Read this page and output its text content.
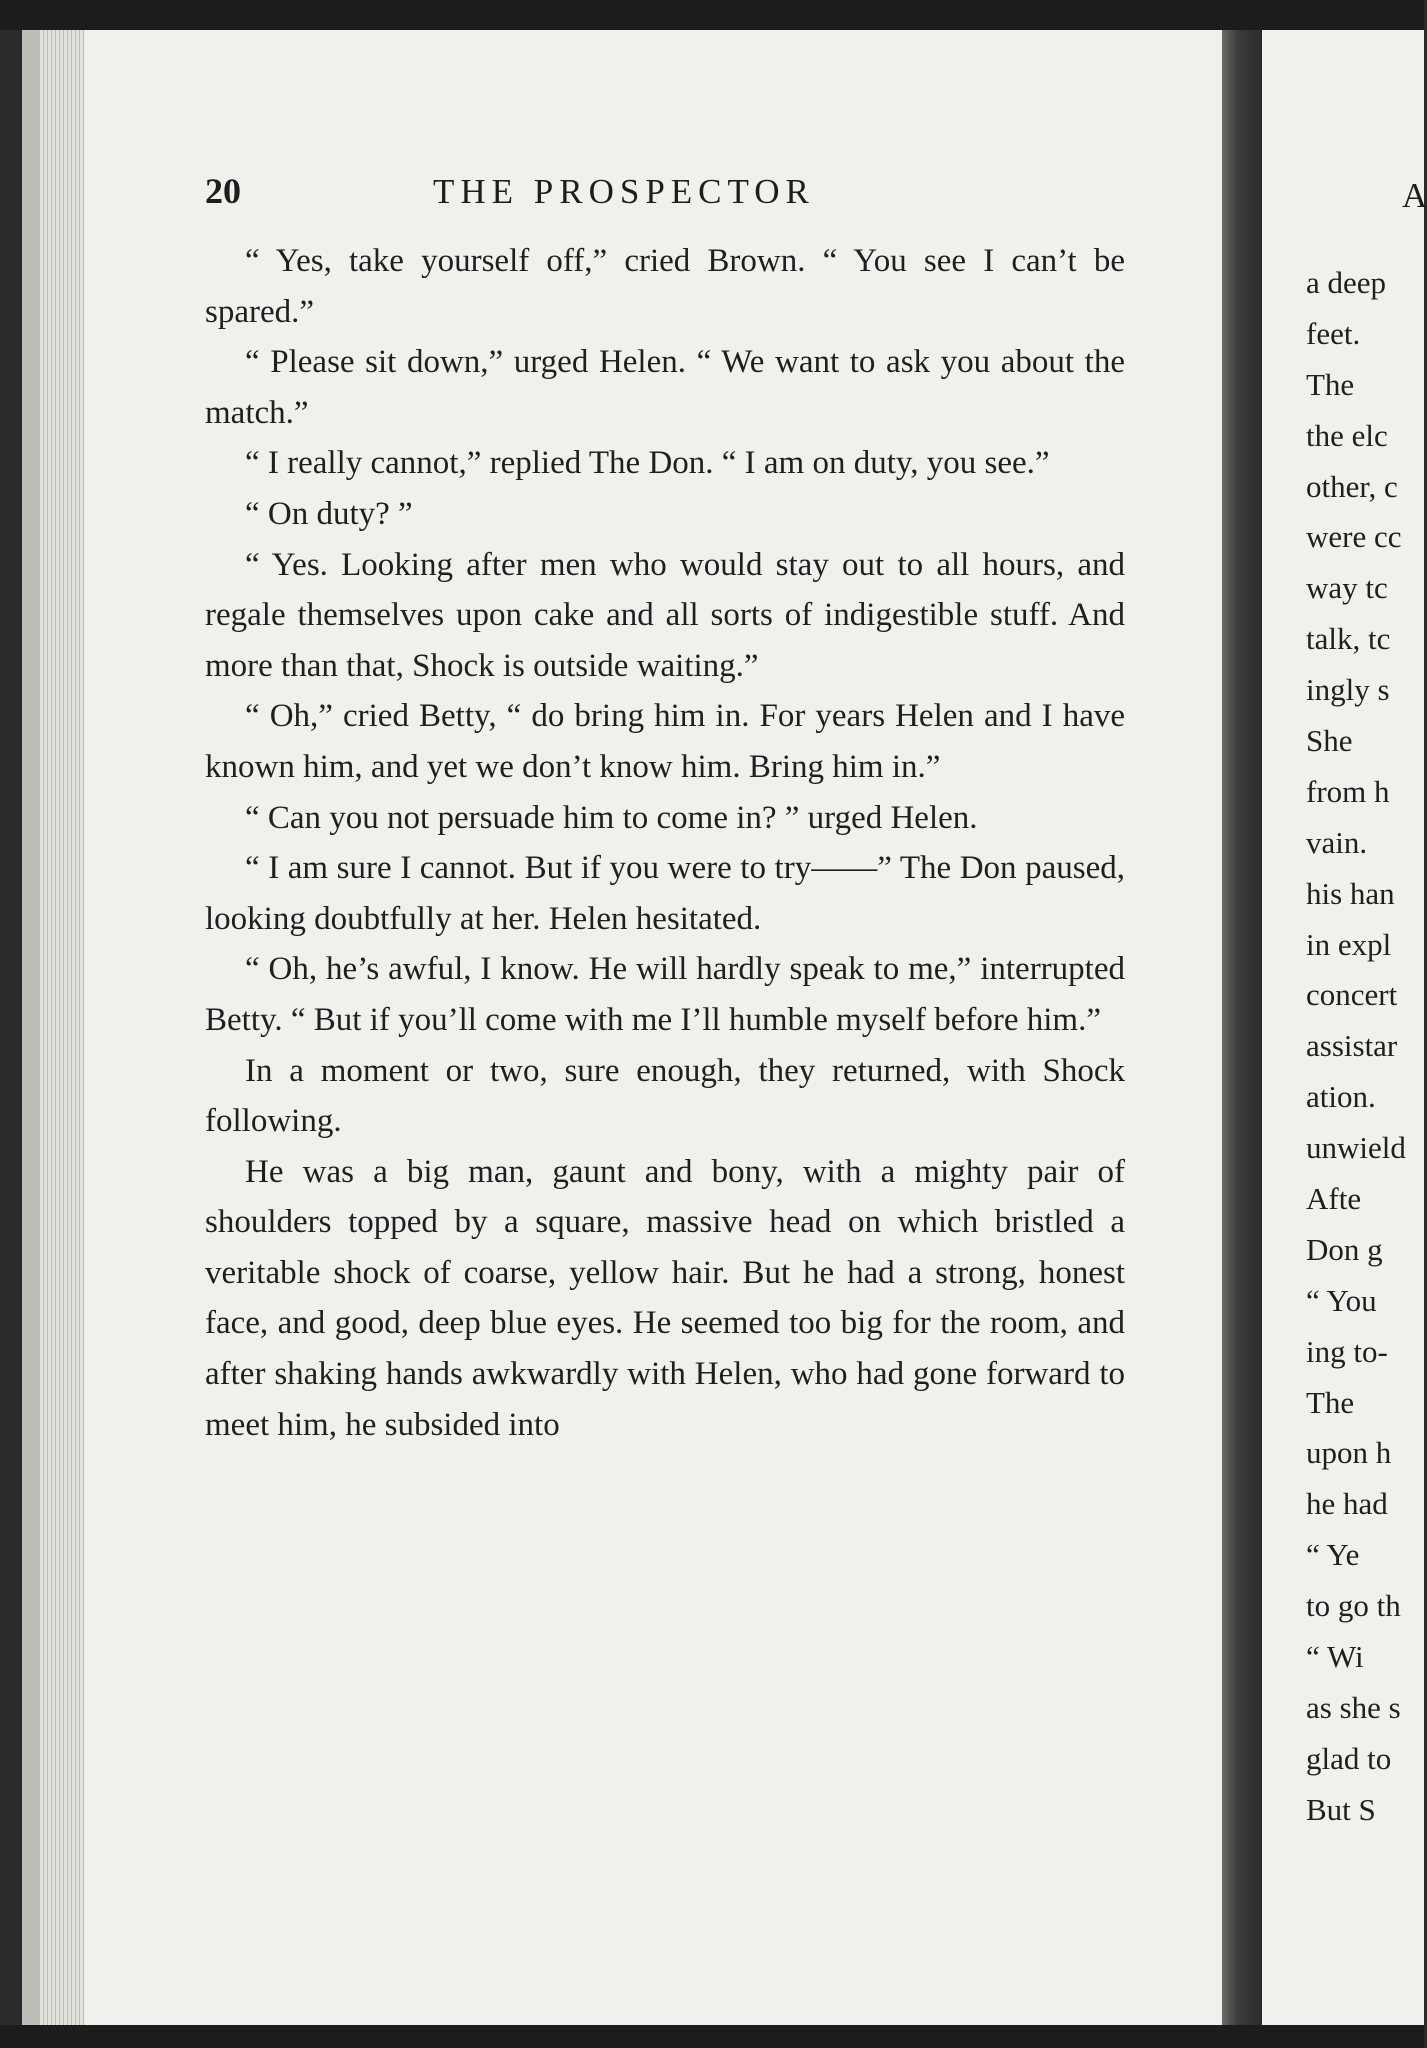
20	THE PROSPECTOR

“ Yes, take yourself off,” cried Brown. “ You see I can’t be spared.”

“ Please sit down,” urged Helen. “ We want to ask you about the match.”

“ I really cannot,” replied The Don. “ I am on duty, you see.”

“ On duty? ”

“ Yes. Looking after men who would stay out to all hours, and regale themselves upon cake and all sorts of indigestible stuff. And more than that, Shock is outside waiting.”

“ Oh,” cried Betty, “ do bring him in. For years Helen and I have known him, and yet we don’t know him. Bring him in.”

“ Can you not persuade him to come in? ” urged Helen.

“ I am sure I cannot. But if you were to try——” The Don paused, looking doubtfully at her. Helen hesitated.

“ Oh, he’s awful, I know. He will hardly speak to me,” interrupted Betty. “ But if you’ll come with me I’ll humble myself before him.”

In a moment or two, sure enough, they returned, with Shock following.

He was a big man, gaunt and bony, with a mighty pair of shoulders topped by a square, massive head on which bristled a veritable shock of coarse, yellow hair. But he had a strong, honest face, and good, deep blue eyes. He seemed too big for the room, and after shaking hands awkwardly with Helen, who had gone forward to meet him, he subsided into

A
a deep
feet.
The
the elc
other, c
were cc
way tc
talk, tc
ingly s
She
from h
vain.
his han
in expl
concert
assistar
ation.
unwield
Afte
Don g
“ You
ing to-
The
upon h
he had
“ Ye
to go th
“ Wi
as she s
glad to
But S
